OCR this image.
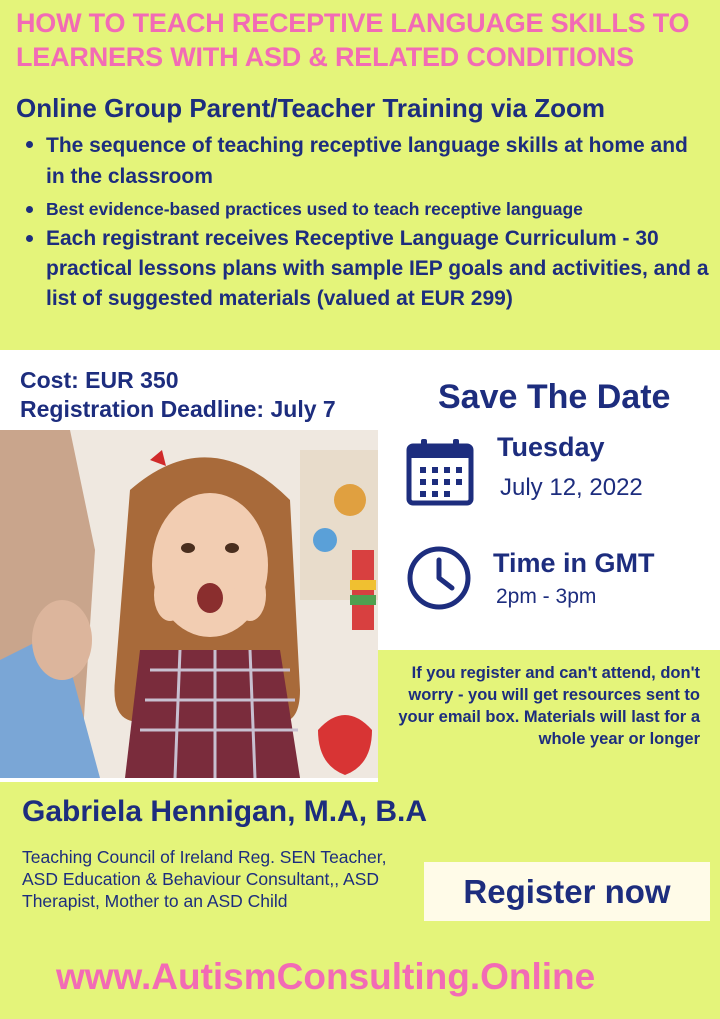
HOW TO TEACH RECEPTIVE LANGUAGE SKILLS TO
LEARNERS WITH ASD & RELATED CONDITIONS
Online Group Parent/Teacher Training via Zoom
The sequence of teaching receptive language skills at home and in the classroom
Best evidence-based practices used to teach receptive language
Each registrant receives Receptive Language Curriculum - 30 practical lessons plans with sample IEP goals and activities, and a list of suggested materials (valued at EUR 299)
Cost: EUR 350
Registration Deadline: July 7	Save The Date
Tuesday
July 12, 2022
Time in GMT
2pm - 3pm
If you register and can't attend, don't worry - you will get resources sent to your email box. Materials will last for a whole year or longer
Gabriela Hennigan, M.A, B.A
Teaching Council of Ireland Reg. SEN Teacher, ASD Education & Behaviour Consultant,, ASD Therapist, Mother to an ASD Child	Register now
www.AutismConsulting.Online
